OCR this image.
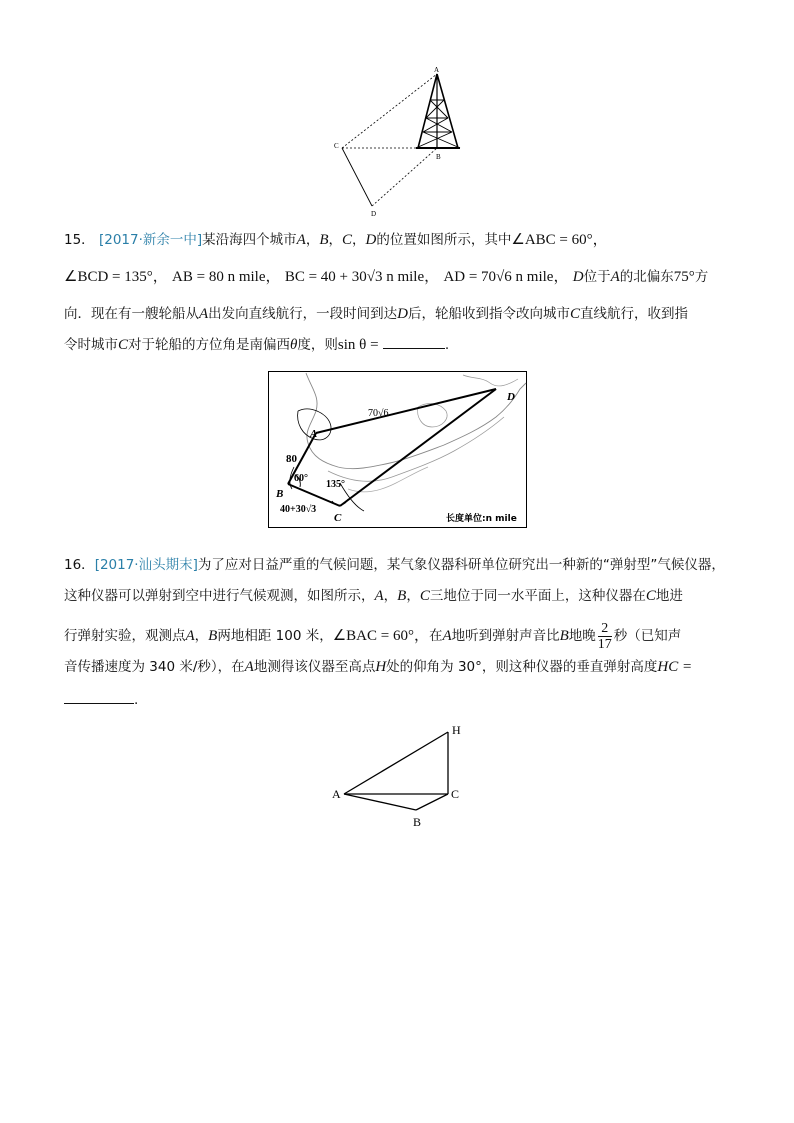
A
B
C
D
15． [2017·新余一中]某沿海四个城市A，B，C，D的位置如图所示，其中∠ABC = 60°，
∠BCD = 135°， AB = 80 n mile， BC = 40 + 30√3 n mile， AD = 70√6 n mile， D位于A的北偏东75°方
向．现在有一艘轮船从A出发向直线航行，一段时间到达D后，轮船收到指令改向城市C直线航行，收到指
令时城市C对于轮船的方位角是南偏西θ度，则sin θ =	.
A
B
C
D
80
70√6
60°
135°
40+30√3
长度单位:n mile
16．[2017·汕头期末]为了应对日益严重的气候问题，某气象仪器科研单位研究出一种新的“弹射型”气候仪器，
这种仪器可以弹射到空中进行气候观测，如图所示，A，B，C三地位于同一水平面上，这种仪器在C地进
行弹射实验，观测点A，B两地相距 100 米，∠BAC = 60°，在A地听到弹射声音比B地晚 $\frac{2}{17}$ 秒（已知声
音传播速度为 340 米/秒），在A地测得该仪器至高点H处的仰角为 30°，则这种仪器的垂直弹射高度HC =
.
A
B
C
H
